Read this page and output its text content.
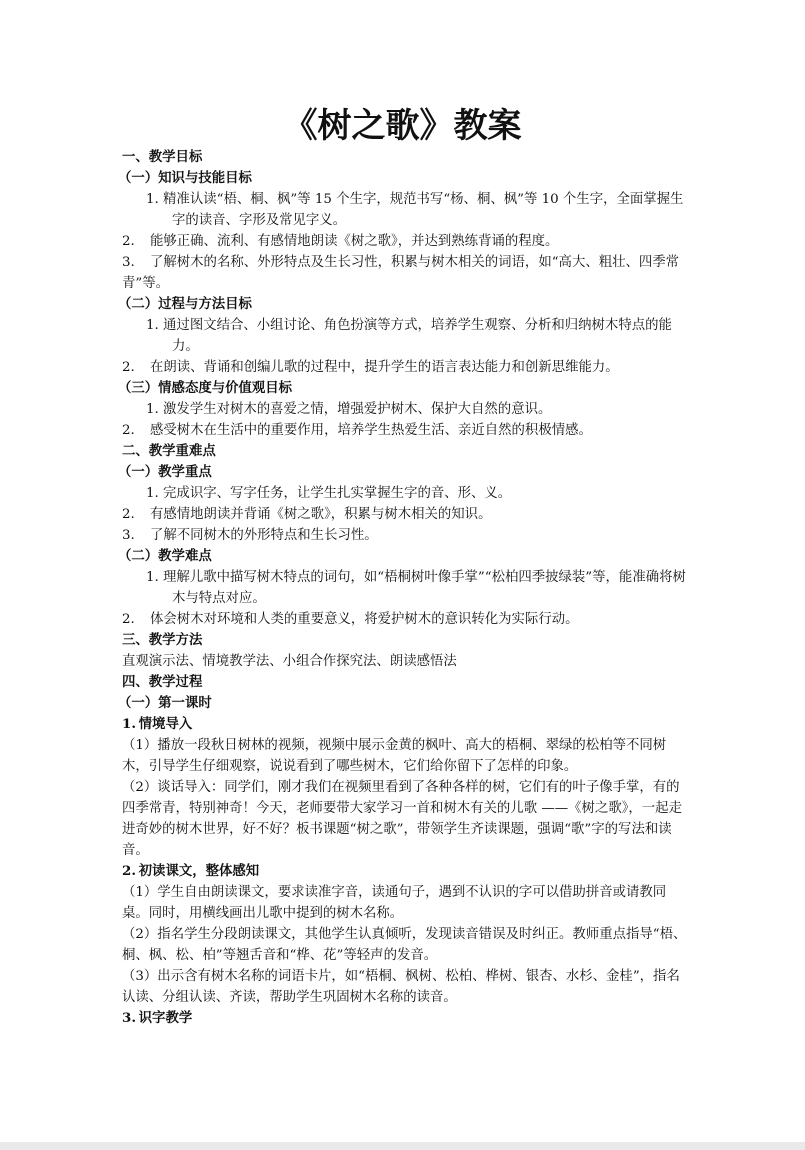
《树之歌》教案

一、教学目标

（一）知识与技能目标

1. 精准认读“梧、桐、枫”等 15 个生字，规范书写“杨、桐、枫”等 10 个生字，全面掌握生字的读音、字形及常见字义。

2. 能够正确、流利、有感情地朗读《树之歌》，并达到熟练背诵的程度。

3. 了解树木的名称、外形特点及生长习性，积累与树木相关的词语，如“高大、粗壮、四季常青”等。

（二）过程与方法目标

1. 通过图文结合、小组讨论、角色扮演等方式，培养学生观察、分析和归纳树木特点的能力。

2. 在朗读、背诵和创编儿歌的过程中，提升学生的语言表达能力和创新思维能力。

（三）情感态度与价值观目标

1. 激发学生对树木的喜爱之情，增强爱护树木、保护大自然的意识。

2. 感受树木在生活中的重要作用，培养学生热爱生活、亲近自然的积极情感。

二、教学重难点

（一）教学重点

1. 完成识字、写字任务，让学生扎实掌握生字的音、形、义。

2. 有感情地朗读并背诵《树之歌》，积累与树木相关的知识。

3. 了解不同树木的外形特点和生长习性。

（二）教学难点

1. 理解儿歌中描写树木特点的词句，如“梧桐树叶像手掌”“松柏四季披绿装”等，能准确将树木与特点对应。

2. 体会树木对环境和人类的重要意义，将爱护树木的意识转化为实际行动。

三、教学方法

直观演示法、情境教学法、小组合作探究法、朗读感悟法

四、教学过程

（一）第一课时

1. 情境导入

（1）播放一段秋日树林的视频，视频中展示金黄的枫叶、高大的梧桐、翠绿的松柏等不同树木，引导学生仔细观察，说说看到了哪些树木，它们给你留下了怎样的印象。

（2）谈话导入：同学们，刚才我们在视频里看到了各种各样的树，它们有的叶子像手掌，有的四季常青，特别神奇！今天，老师要带大家学习一首和树木有关的儿歌 ——《树之歌》，一起走进奇妙的树木世界，好不好？板书课题“树之歌”，带领学生齐读课题，强调“歌”字的写法和读音。

2. 初读课文，整体感知

（1）学生自由朗读课文，要求读准字音，读通句子，遇到不认识的字可以借助拼音或请教同桌。同时，用横线画出儿歌中提到的树木名称。

（2）指名学生分段朗读课文，其他学生认真倾听，发现读音错误及时纠正。教师重点指导“梧、桐、枫、松、柏”等翘舌音和“桦、花”等轻声的发音。

（3）出示含有树木名称的词语卡片，如“梧桐、枫树、松柏、桦树、银杏、水杉、金桂”，指名认读、分组认读、齐读，帮助学生巩固树木名称的读音。

3. 识字教学
